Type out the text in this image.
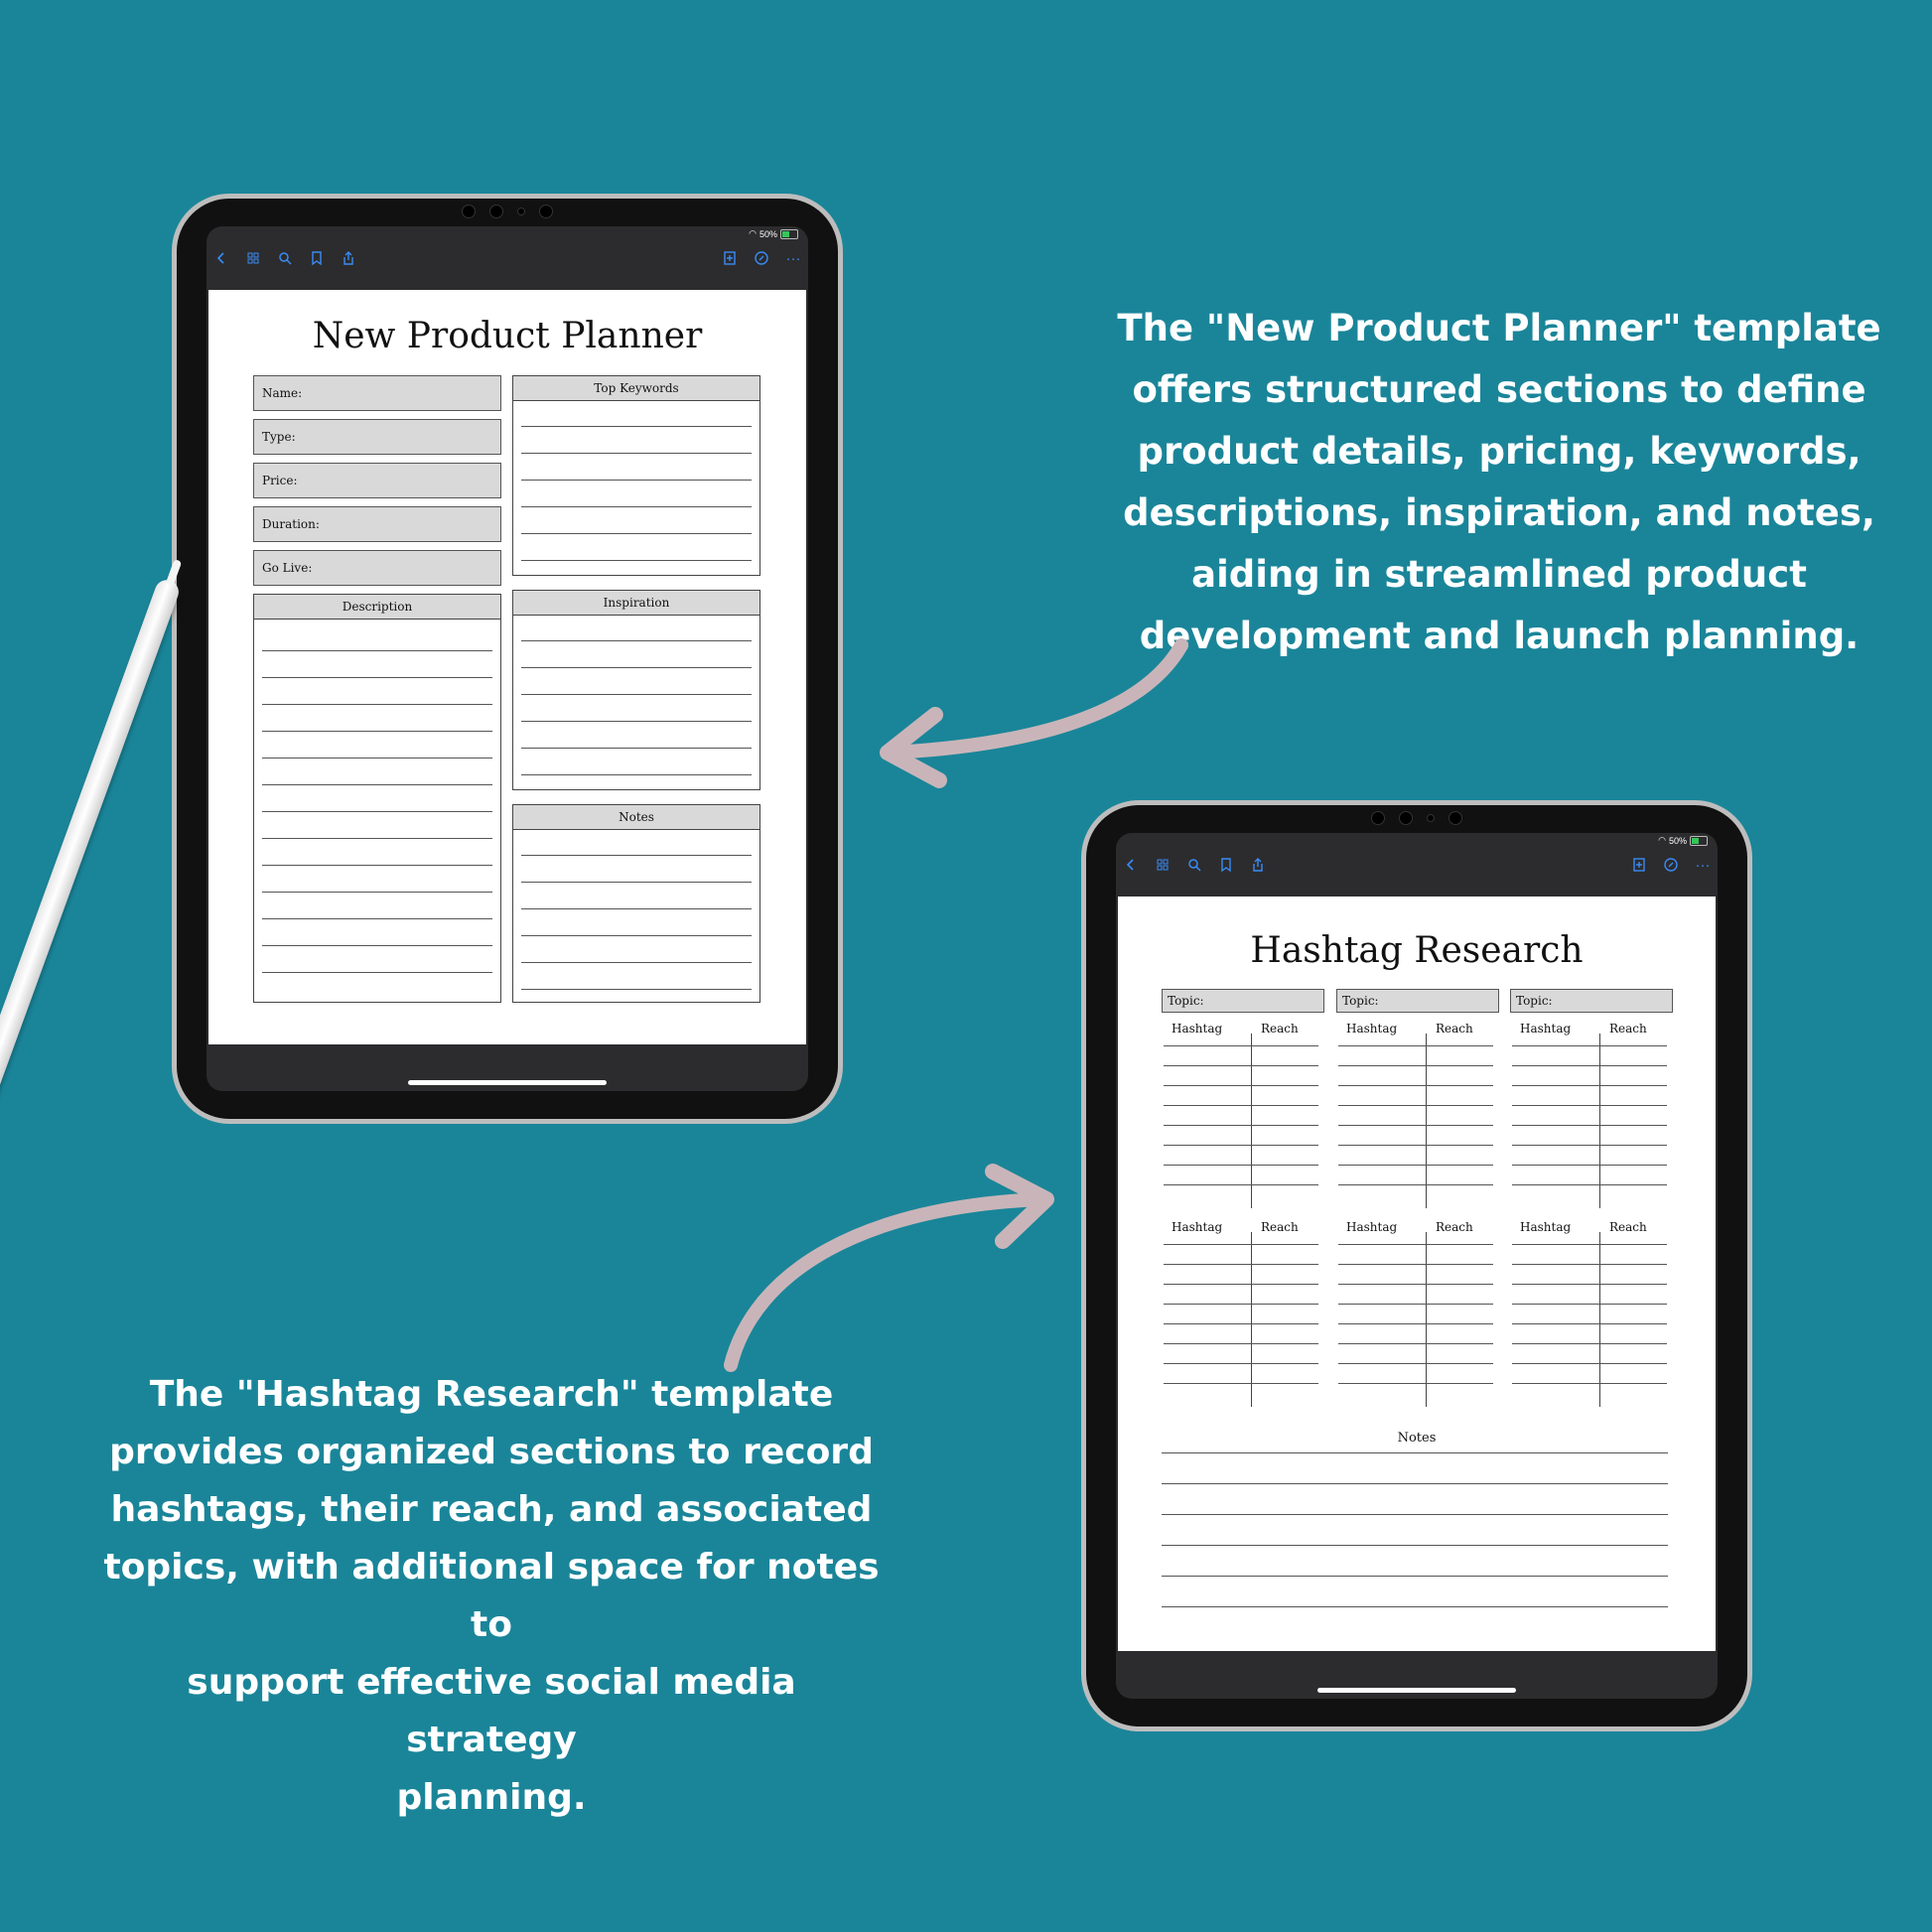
The "New Product Planner" template
offers structured sections to define
product details, pricing, keywords,
descriptions, inspiration, and notes,
aiding in streamlined product
development and launch planning.
The "Hashtag Research" template
provides organized sections to record
hashtags, their reach, and associated
topics, with additional space for notes to
support effective social media strategy
planning.
◠ 50%
···
New Product Planner
Name:
Type:
Price:
Duration:
Go Live:
Top Keywords
Description	Inspiration
Notes
◠ 50%
···
Hashtag Research
Topic:	Topic:	Topic:
Hashtag	Reach	Hashtag	Reach	Hashtag	Reach
Hashtag	Reach	Hashtag	Reach	Hashtag	Reach
Notes
